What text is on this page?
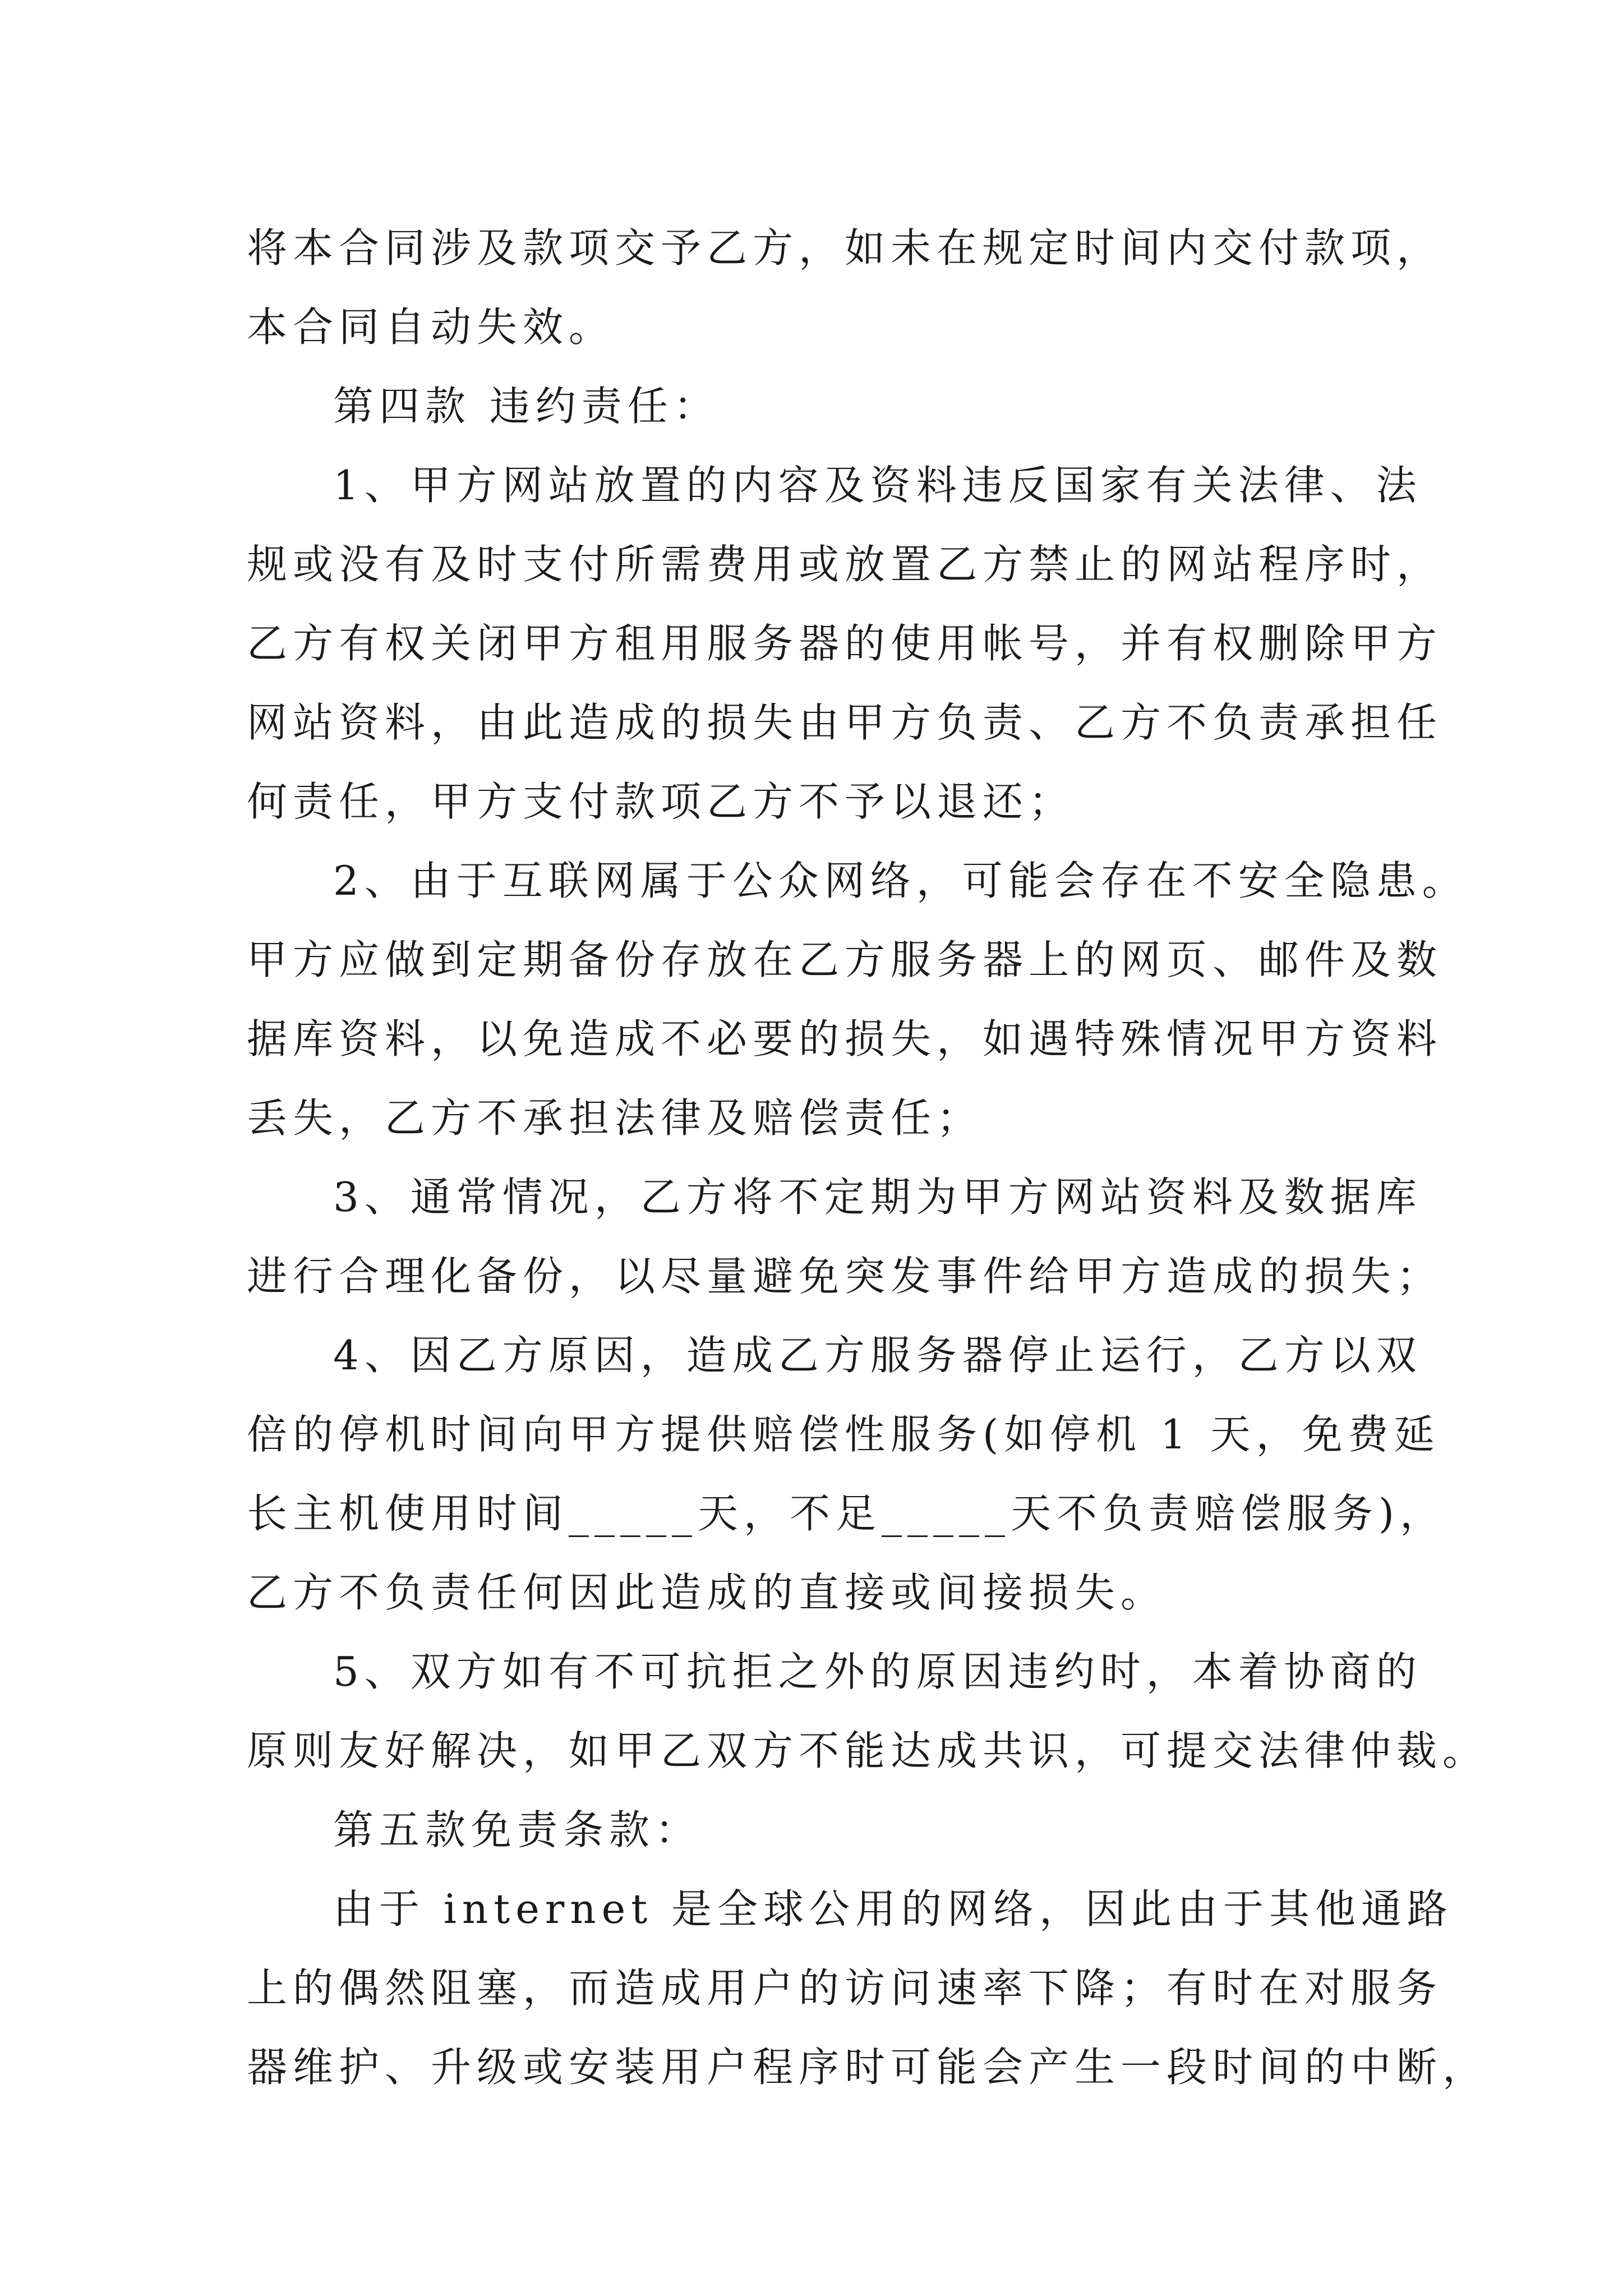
将本合同涉及款项交予乙方，如未在规定时间内交付款项，
本合同自动失效。
第四款 违约责任：
1、甲方网站放置的内容及资料违反国家有关法律、法
规或没有及时支付所需费用或放置乙方禁止的网站程序时，
乙方有权关闭甲方租用服务器的使用帐号，并有权删除甲方
网站资料，由此造成的损失由甲方负责、乙方不负责承担任
何责任，甲方支付款项乙方不予以退还；
2、由于互联网属于公众网络，可能会存在不安全隐患。
甲方应做到定期备份存放在乙方服务器上的网页、邮件及数
据库资料，以免造成不必要的损失，如遇特殊情况甲方资料
丢失，乙方不承担法律及赔偿责任；
3、通常情况，乙方将不定期为甲方网站资料及数据库
进行合理化备份，以尽量避免突发事件给甲方造成的损失；
4、因乙方原因，造成乙方服务器停止运行，乙方以双
倍的停机时间向甲方提供赔偿性服务(如停机 1 天，免费延
长主机使用时间_____天，不足_____天不负责赔偿服务)，
乙方不负责任何因此造成的直接或间接损失。
5、双方如有不可抗拒之外的原因违约时，本着协商的
原则友好解决，如甲乙双方不能达成共识，可提交法律仲裁。
第五款免责条款：
由于 internet 是全球公用的网络，因此由于其他通路
上的偶然阻塞，而造成用户的访问速率下降；有时在对服务
器维护、升级或安装用户程序时可能会产生一段时间的中断，
